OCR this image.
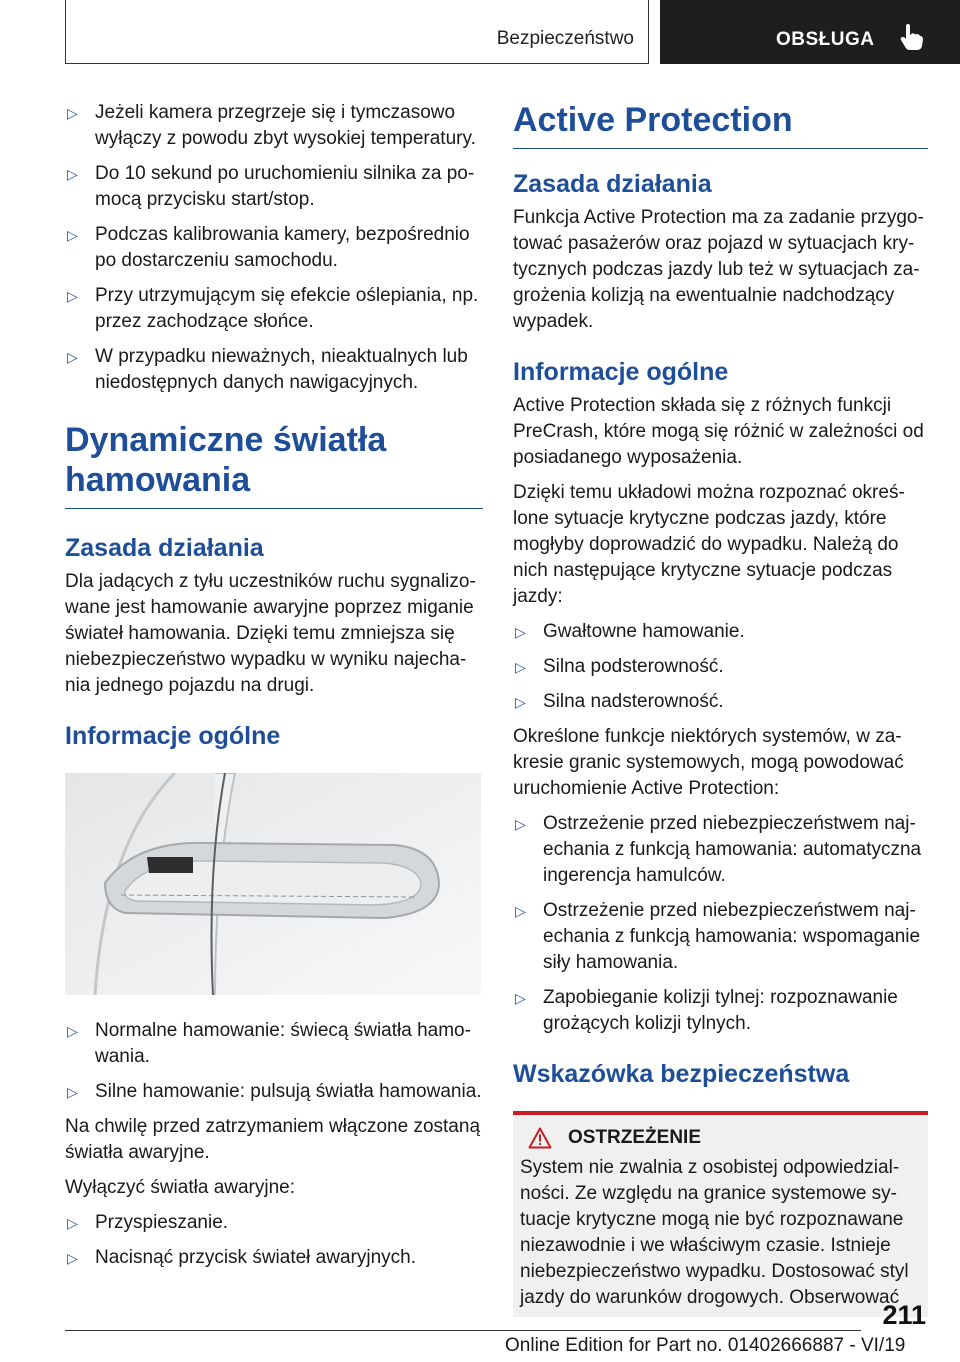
Bezpieczeństwo	OBSŁUGA
▷ Jeżeli kamera przegrzeje się i tymczasowo wyłączy z powodu zbyt wysokiej temperatury.
▷ Do 10 sekund po uruchomieniu silnika za pomocą przycisku start/stop.
▷ Podczas kalibrowania kamery, bezpośrednio po dostarczeniu samochodu.
▷ Przy utrzymującym się efekcie oślepiania, np. przez zachodzące słońce.
▷ W przypadku nieważnych, nieaktualnych lub niedostępnych danych nawigacyjnych.
Dynamiczne światła hamowania
Zasada działania

Dla jadących z tyłu uczestników ruchu sygnalizowane jest hamowanie awaryjne poprzez miganie świateł hamowania. Dzięki temu zmniejsza się niebezpieczeństwo wypadku w wyniku najechania jednego pojazdu na drugi.

Informacje ogólne
▷ Normalne hamowanie: świecą światła hamowania.
▷ Silne hamowanie: pulsują światła hamowania.

Na chwilę przed zatrzymaniem włączone zostaną światła awaryjne.

Wyłączyć światła awaryjne:

▷ Przyspieszanie.
▷ Nacisnąć przycisk świateł awaryjnych.
Active Protection
Zasada działania

Funkcja Active Protection ma za zadanie przygotować pasażerów oraz pojazd w sytuacjach krytycznych podczas jazdy lub też w sytuacjach zagrożenia kolizją na ewentualnie nadchodzący wypadek.

Informacje ogólne

Active Protection składa się z różnych funkcji PreCrash, które mogą się różnić w zależności od posiadanego wyposażenia.

Dzięki temu układowi można rozpoznać określone sytuacje krytyczne podczas jazdy, które mogłyby doprowadzić do wypadku. Należą do nich następujące krytyczne sytuacje podczas jazdy:

▷ Gwałtowne hamowanie.
▷ Silna podsterowność.
▷ Silna nadsterowność.

Określone funkcje niektórych systemów, w zakresie granic systemowych, mogą powodować uruchomienie Active Protection:

▷ Ostrzeżenie przed niebezpieczeństwem najechania z funkcją hamowania: automatyczna ingerencja hamulców.
▷ Ostrzeżenie przed niebezpieczeństwem najechania z funkcją hamowania: wspomaganie siły hamowania.
▷ Zapobieganie kolizji tylnej: rozpoznawanie grożących kolizji tylnych.
Wskazówka bezpieczeństwa
OSTRZEŻENIE

System nie zwalnia z osobistej odpowiedzialności. Ze względu na granice systemowe sytuacje krytyczne mogą nie być rozpoznawane niezawodnie i we właściwym czasie. Istnieje niebezpieczeństwo wypadku. Dostosować styl jazdy do warunków drogowych. Obserwować

211
Online Edition for Part no. 01402666887 - VI/19
